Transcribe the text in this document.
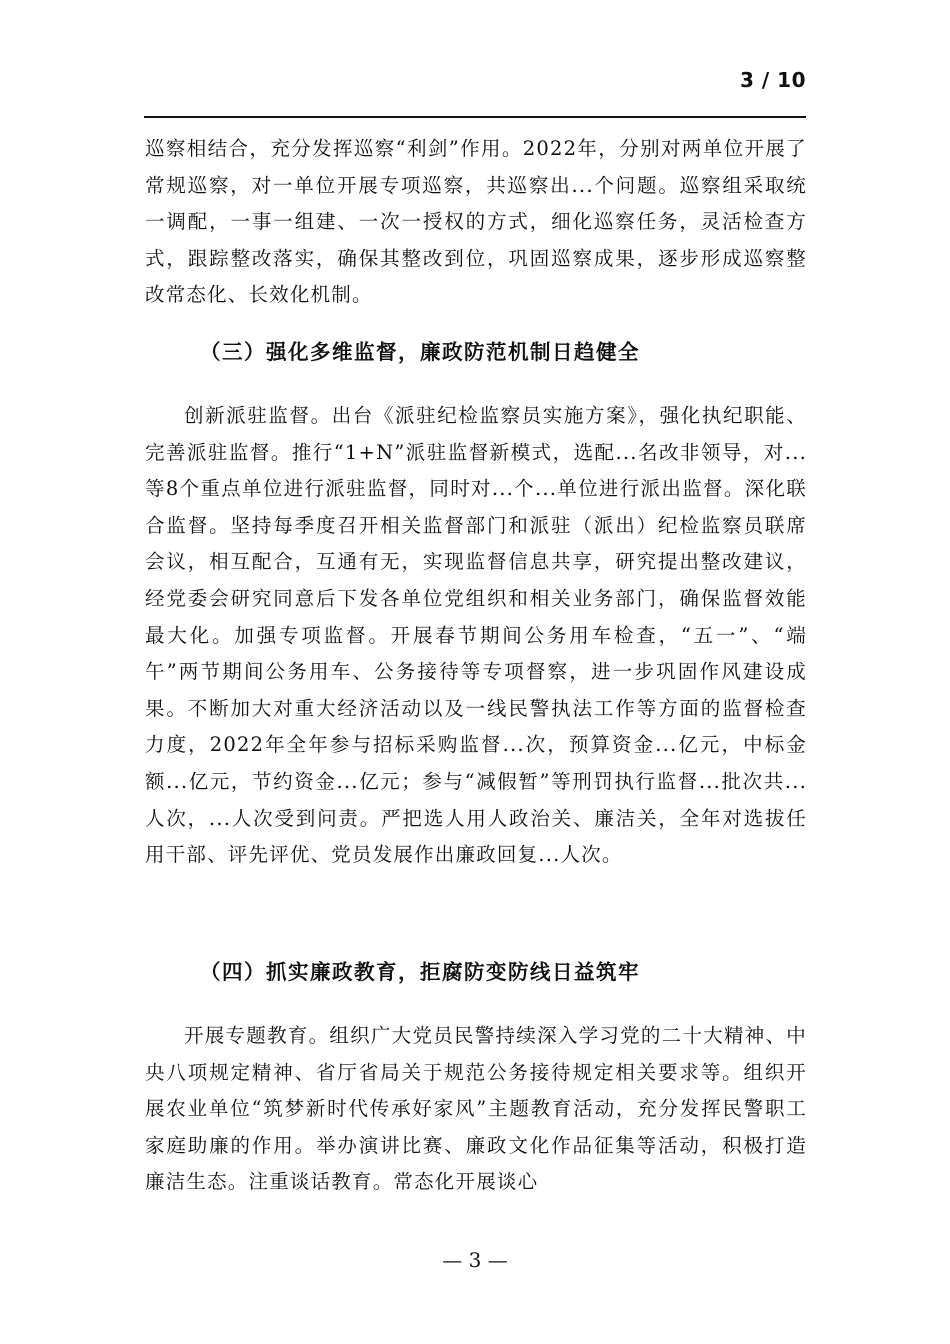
3 / 10

巡察相结合，充分发挥巡察“利剑”作用。2022年，分别对两单位开展了常规巡察，对一单位开展专项巡察，共巡察出...个问题。巡察组采取统一调配，一事一组建、一次一授权的方式，细化巡察任务，灵活检查方式，跟踪整改落实，确保其整改到位，巩固巡察成果，逐步形成巡察整改常态化、长效化机制。

（三）强化多维监督，廉政防范机制日趋健全

创新派驻监督。出台《派驻纪检监察员实施方案》，强化执纪职能、完善派驻监督。推行“1+N”派驻监督新模式，选配...名改非领导，对...等8个重点单位进行派驻监督，同时对...个...单位进行派出监督。深化联合监督。坚持每季度召开相关监督部门和派驻（派出）纪检监察员联席会议，相互配合，互通有无，实现监督信息共享，研究提出整改建议，经党委会研究同意后下发各单位党组织和相关业务部门，确保监督效能最大化。加强专项监督。开展春节期间公务用车检查，“五一”、“端午”两节期间公务用车、公务接待等专项督察，进一步巩固作风建设成果。不断加大对重大经济活动以及一线民警执法工作等方面的监督检查力度，2022年全年参与招标采购监督...次，预算资金...亿元，中标金额...亿元，节约资金...亿元；参与“减假暂”等刑罚执行监督...批次共...人次，...人次受到问责。严把选人用人政治关、廉洁关，全年对选拔任用干部、评先评优、党员发展作出廉政回复...人次。

（四）抓实廉政教育，拒腐防变防线日益筑牢

开展专题教育。组织广大党员民警持续深入学习党的二十大精神、中央八项规定精神、省厅省局关于规范公务接待规定相关要求等。组织开展农业单位“筑梦新时代传承好家风”主题教育活动，充分发挥民警职工家庭助廉的作用。举办演讲比赛、廉政文化作品征集等活动，积极打造廉洁生态。注重谈话教育。常态化开展谈心

— 3 —
